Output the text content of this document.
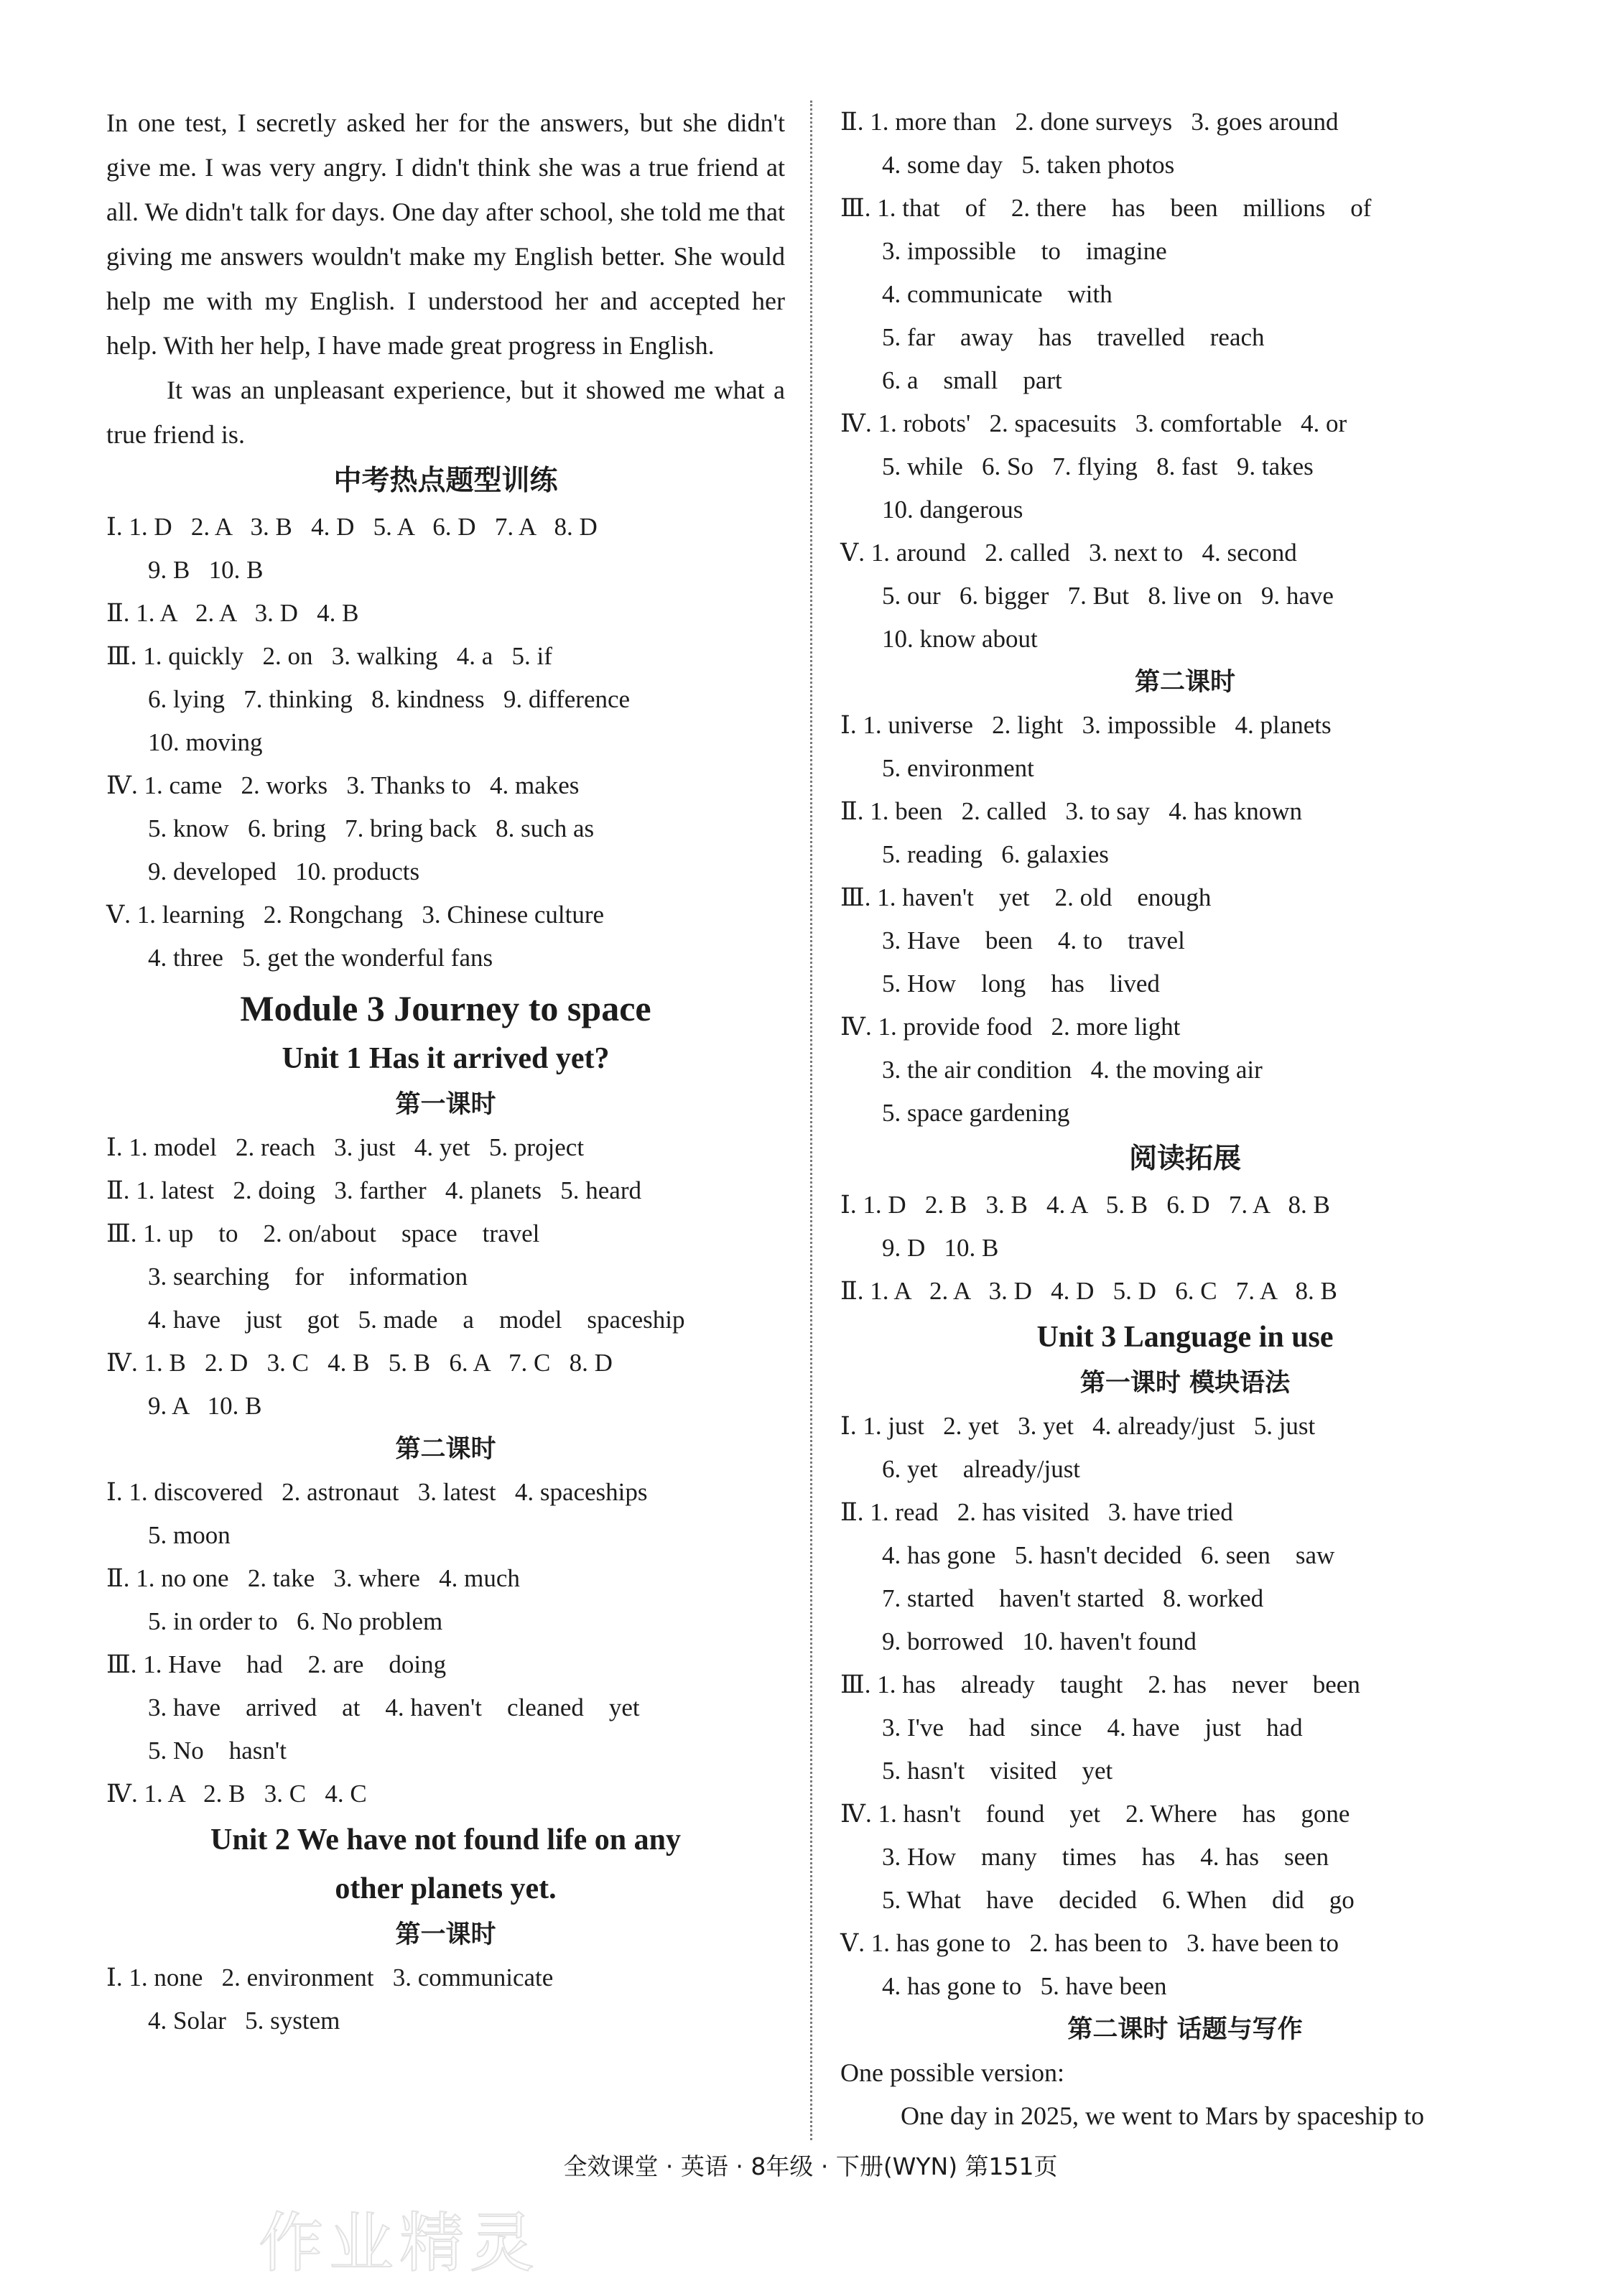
In one test, I secretly asked her for the answers, but she didn't give me. I was very angry. I didn't think she was a true friend at all. We didn't talk for days. One day after school, she told me that giving me answers wouldn't make my English better. She would help me with my English. I understood her and accepted her help. With her help, I have made great progress in English.

It was an unpleasant experience, but it showed me what a true friend is.

中考热点题型训练
Ⅰ. 1. D   2. A   3. B   4. D   5. A   6. D   7. A   8. D
9. B   10. B
Ⅱ. 1. A   2. A   3. D   4. B
Ⅲ. 1. quickly   2. on   3. walking   4. a   5. if
6. lying   7. thinking   8. kindness   9. difference
10. moving
Ⅳ. 1. came   2. works   3. Thanks to   4. makes
5. know   6. bring   7. bring back   8. such as
9. developed   10. products
Ⅴ. 1. learning   2. Rongchang   3. Chinese culture
4. three   5. get the wonderful fans
Module 3 Journey to space
Unit 1 Has it arrived yet?
第一课时
Ⅰ. 1. model   2. reach   3. just   4. yet   5. project
Ⅱ. 1. latest   2. doing   3. farther   4. planets   5. heard
Ⅲ. 1. up    to    2. on/about    space    travel
3. searching    for    information
4. have    just    got   5. made    a    model    spaceship
Ⅳ. 1. B   2. D   3. C   4. B   5. B   6. A   7. C   8. D
9. A   10. B
第二课时
Ⅰ. 1. discovered   2. astronaut   3. latest   4. spaceships
5. moon
Ⅱ. 1. no one   2. take   3. where   4. much
5. in order to   6. No problem
Ⅲ. 1. Have    had    2. are    doing
3. have    arrived    at    4. haven't    cleaned    yet
5. No    hasn't
Ⅳ. 1. A   2. B   3. C   4. C
Unit 2 We have not found life on any
other planets yet.
第一课时
Ⅰ. 1. none   2. environment   3. communicate
4. Solar   5. system
Ⅱ. 1. more than   2. done surveys   3. goes around
4. some day   5. taken photos
Ⅲ. 1. that    of    2. there    has    been    millions    of
3. impossible    to    imagine
4. communicate    with
5. far    away    has    travelled    reach
6. a    small    part
Ⅳ. 1. robots'   2. spacesuits   3. comfortable   4. or
5. while   6. So   7. flying   8. fast   9. takes
10. dangerous
Ⅴ. 1. around   2. called   3. next to   4. second
5. our   6. bigger   7. But   8. live on   9. have
10. know about
第二课时
Ⅰ. 1. universe   2. light   3. impossible   4. planets
5. environment
Ⅱ. 1. been   2. called   3. to say   4. has known
5. reading   6. galaxies
Ⅲ. 1. haven't    yet    2. old    enough
3. Have    been    4. to    travel
5. How    long    has    lived
Ⅳ. 1. provide food   2. more light
3. the air condition   4. the moving air
5. space gardening
阅读拓展
Ⅰ. 1. D   2. B   3. B   4. A   5. B   6. D   7. A   8. B
9. D   10. B
Ⅱ. 1. A   2. A   3. D   4. D   5. D   6. C   7. A   8. B
Unit 3 Language in use
第一课时 模块语法
Ⅰ. 1. just   2. yet   3. yet   4. already/just   5. just
6. yet    already/just
Ⅱ. 1. read   2. has visited   3. have tried
4. has gone   5. hasn't decided   6. seen    saw
7. started    haven't started   8. worked
9. borrowed   10. haven't found
Ⅲ. 1. has    already    taught    2. has    never    been
3. I've    had    since    4. have    just    had
5. hasn't    visited    yet
Ⅳ. 1. hasn't    found    yet    2. Where    has    gone
3. How    many    times    has    4. has    seen
5. What    have    decided    6. When    did    go
Ⅴ. 1. has gone to   2. has been to   3. have been to
4. has gone to   5. have been
第二课时 话题与写作
One possible version:
One day in 2025, we went to Mars by spaceship to
全效课堂 · 英语 · 8年级 · 下册(WYN) 第151页
作业精灵
